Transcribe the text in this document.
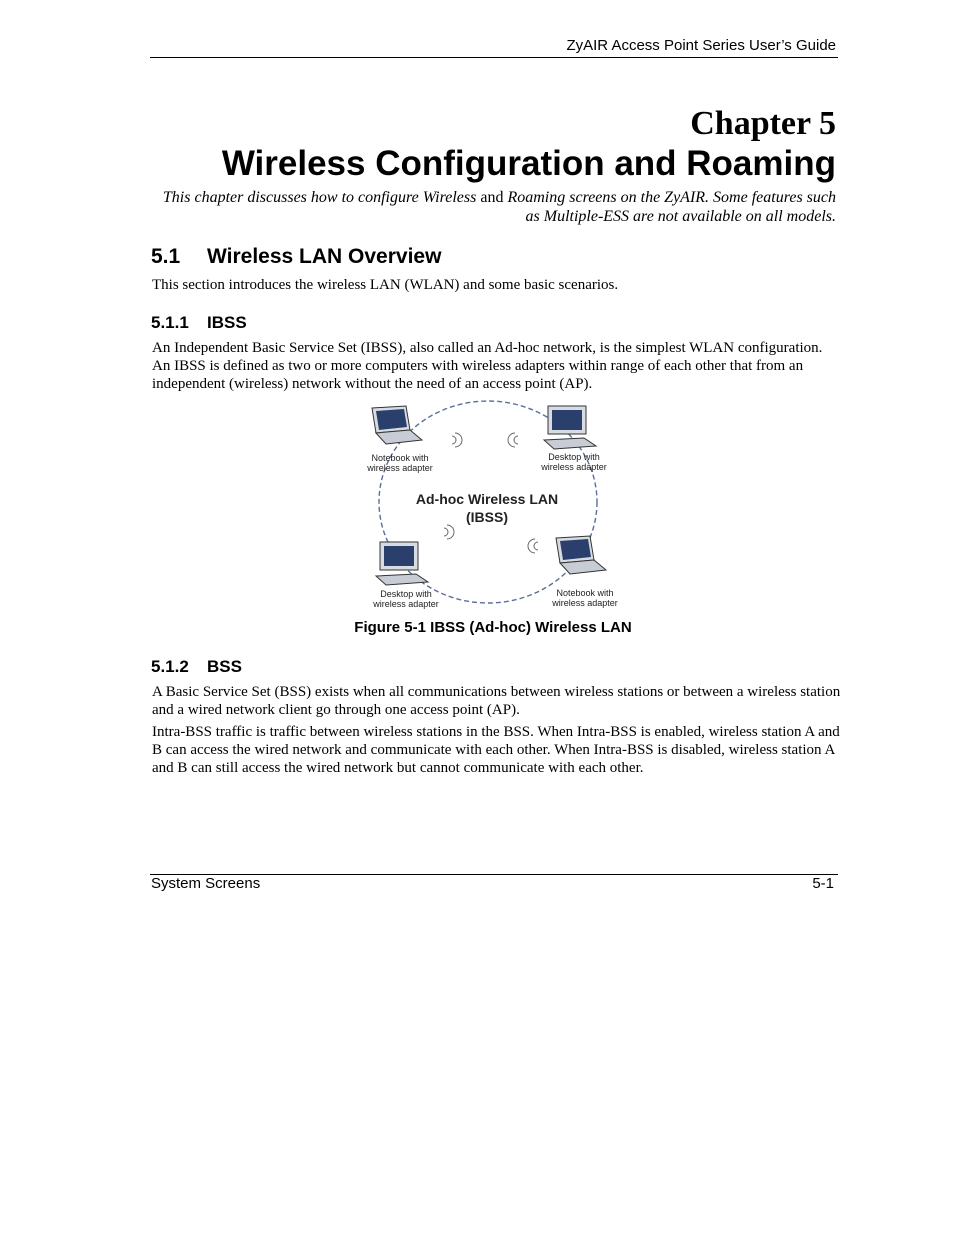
ZyAIR Access Point Series User’s Guide
Chapter 5
Wireless Configuration and Roaming
This chapter discusses how to configure Wireless and Roaming screens on the ZyAIR. Some features such as Multiple-ESS are not available on all models.
5.1 Wireless LAN Overview
This section introduces the wireless LAN (WLAN) and some basic scenarios.
5.1.1 IBSS
An Independent Basic Service Set (IBSS), also called an Ad-hoc network, is the simplest WLAN configuration. An IBSS is defined as two or more computers with wireless adapters within range of each other that from an independent (wireless) network without the need of an access point (AP).
Notebook with
wireless adapter
Desktop with
wireless adapter
Desktop with
wireless adapter
Notebook with
wireless adapter
Ad-hoc Wireless LAN
(IBSS)
Figure 5-1 IBSS (Ad-hoc) Wireless LAN
5.1.2 BSS
A Basic Service Set (BSS) exists when all communications between wireless stations or between a wireless station and a wired network client go through one access point (AP).
Intra-BSS traffic is traffic between wireless stations in the BSS. When Intra-BSS is enabled, wireless station A and B can access the wired network and communicate with each other. When Intra-BSS is disabled, wireless station A and B can still access the wired network but cannot communicate with each other.
System Screens	5-1
